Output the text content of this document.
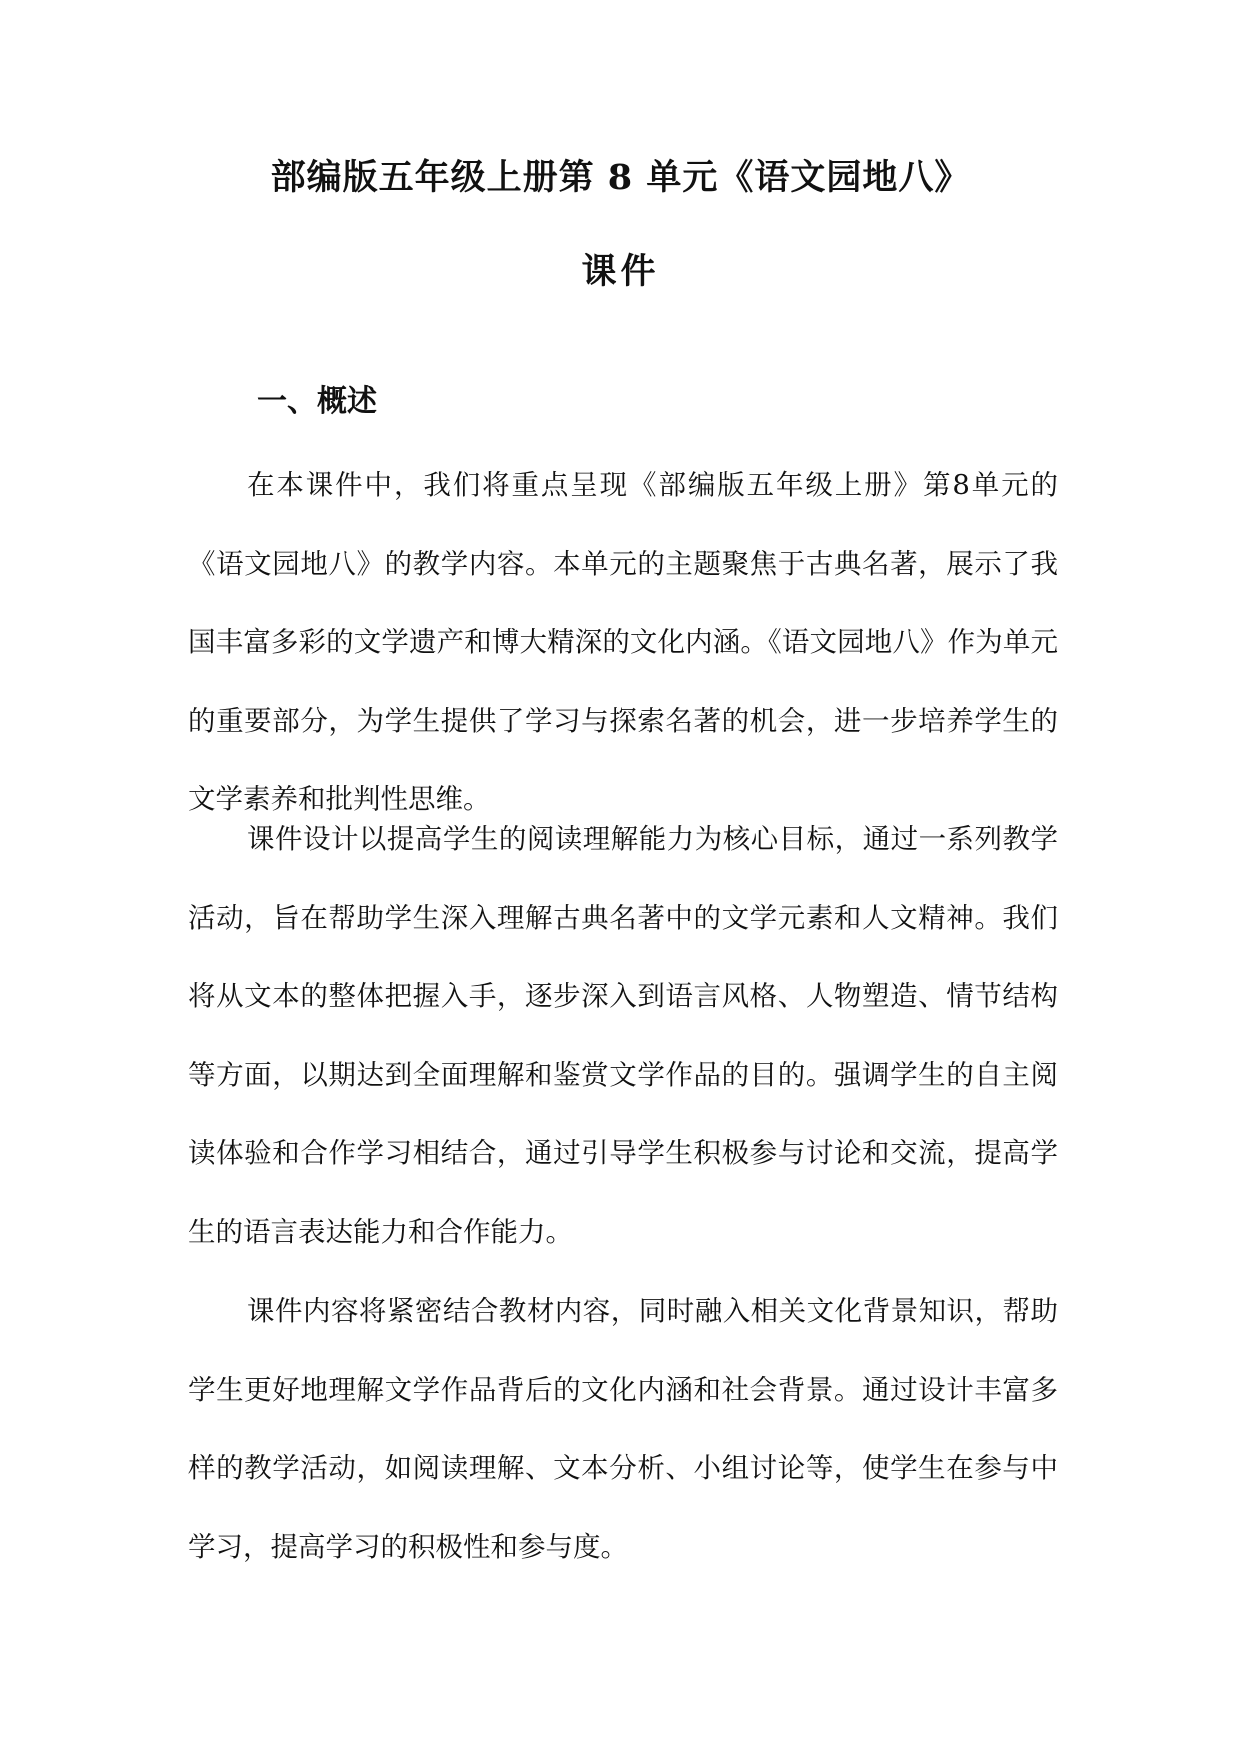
部编版五年级上册第 8 单元《语文园地八》
课件
一、概述

在本课件中，我们将重点呈现《部编版五年级上册》第8单元的《语文园地八》的教学内容。本单元的主题聚焦于古典名著，展示了我国丰富多彩的文学遗产和博大精深的文化内涵。《语文园地八》作为单元的重要部分，为学生提供了学习与探索名著的机会，进一步培养学生的文学素养和批判性思维。

课件设计以提高学生的阅读理解能力为核心目标，通过一系列教学活动，旨在帮助学生深入理解古典名著中的文学元素和人文精神。我们将从文本的整体把握入手，逐步深入到语言风格、人物塑造、情节结构等方面，以期达到全面理解和鉴赏文学作品的目的。强调学生的自主阅读体验和合作学习相结合，通过引导学生积极参与讨论和交流，提高学生的语言表达能力和合作能力。

课件内容将紧密结合教材内容，同时融入相关文化背景知识，帮助学生更好地理解文学作品背后的文化内涵和社会背景。通过设计丰富多样的教学活动，如阅读理解、文本分析、小组讨论等，使学生在参与中学习，提高学习的积极性和参与度。
